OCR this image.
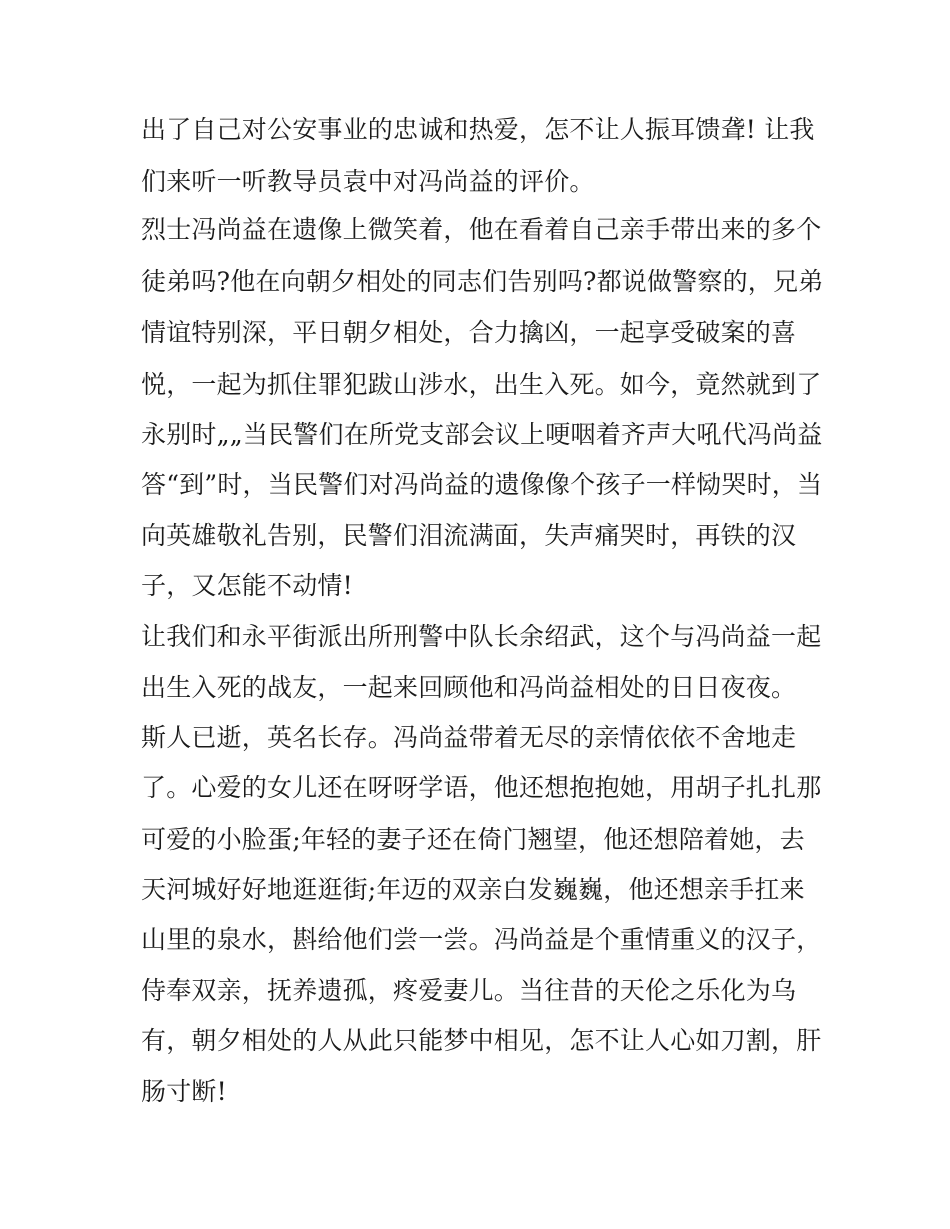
出了自己对公安事业的忠诚和热爱，怎不让人振耳馈聋! 让我
们来听一听教导员袁中对冯尚益的评价。
烈士冯尚益在遗像上微笑着，他在看着自己亲手带出来的多个
徒弟吗?他在向朝夕相处的同志们告别吗?都说做警察的，兄弟
情谊特别深，平日朝夕相处，合力擒凶，一起享受破案的喜
悦，一起为抓住罪犯跋山涉水，出生入死。如今，竟然就到了
永别时„„当民警们在所党支部会议上哽咽着齐声大吼代冯尚益
答“到”时，当民警们对冯尚益的遗像像个孩子一样恸哭时，当
向英雄敬礼告别，民警们泪流满面，失声痛哭时，再铁的汉
子，又怎能不动情!
让我们和永平街派出所刑警中队长余绍武，这个与冯尚益一起
出生入死的战友，一起来回顾他和冯尚益相处的日日夜夜。
斯人已逝，英名长存。冯尚益带着无尽的亲情依依不舍地走
了。心爱的女儿还在呀呀学语，他还想抱抱她，用胡子扎扎那
可爱的小脸蛋;年轻的妻子还在倚门翘望，他还想陪着她，去
天河城好好地逛逛街;年迈的双亲白发巍巍，他还想亲手扛来
山里的泉水，斟给他们尝一尝。冯尚益是个重情重义的汉子，
侍奉双亲，抚养遗孤，疼爱妻儿。当往昔的天伦之乐化为乌
有，朝夕相处的人从此只能梦中相见，怎不让人心如刀割，肝
肠寸断!
